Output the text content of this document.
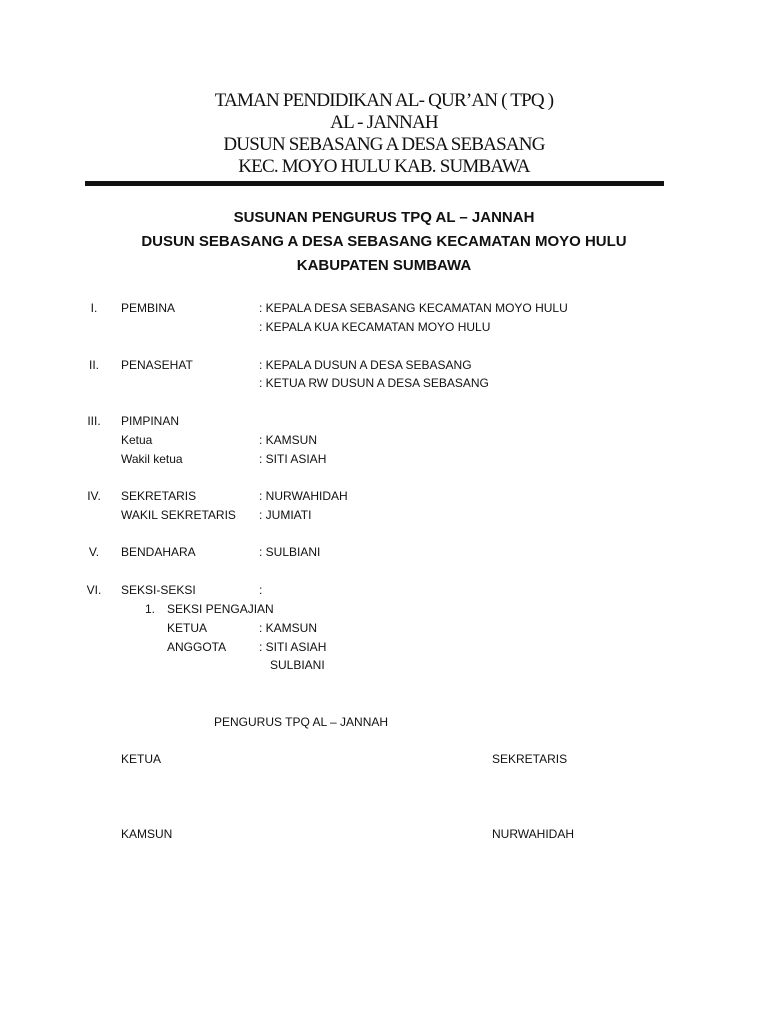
TAMAN PENDIDIKAN AL- QUR’AN ( TPQ )
AL - JANNAH
DUSUN SEBASANG A DESA SEBASANG
KEC. MOYO HULU KAB. SUMBAWA
SUSUNAN PENGURUS TPQ AL – JANNAH
DUSUN SEBASANG A DESA SEBASANG KECAMATAN MOYO HULU
KABUPATEN SUMBAWA
I.	PEMBINA	: KEPALA DESA SEBASANG KECAMATAN MOYO HULU
: KEPALA KUA KECAMATAN MOYO HULU
II.	PENASEHAT	: KEPALA DUSUN A DESA SEBASANG
: KETUA RW DUSUN A DESA SEBASANG
III.	PIMPINAN
Ketua	: KAMSUN
Wakil ketua	: SITI ASIAH
IV.	SEKRETARIS	: NURWAHIDAH
WAKIL SEKRETARIS : JUMIATI
V.	BENDAHARA	: SULBIANI
VI.	SEKSI-SEKSI	:
1. SEKSI PENGAJIAN
KETUA	: KAMSUN
ANGGOTA	: SITI ASIAH
SULBIANI
PENGURUS TPQ AL – JANNAH
KETUA	SEKRETARIS
KAMSUN	NURWAHIDAH
